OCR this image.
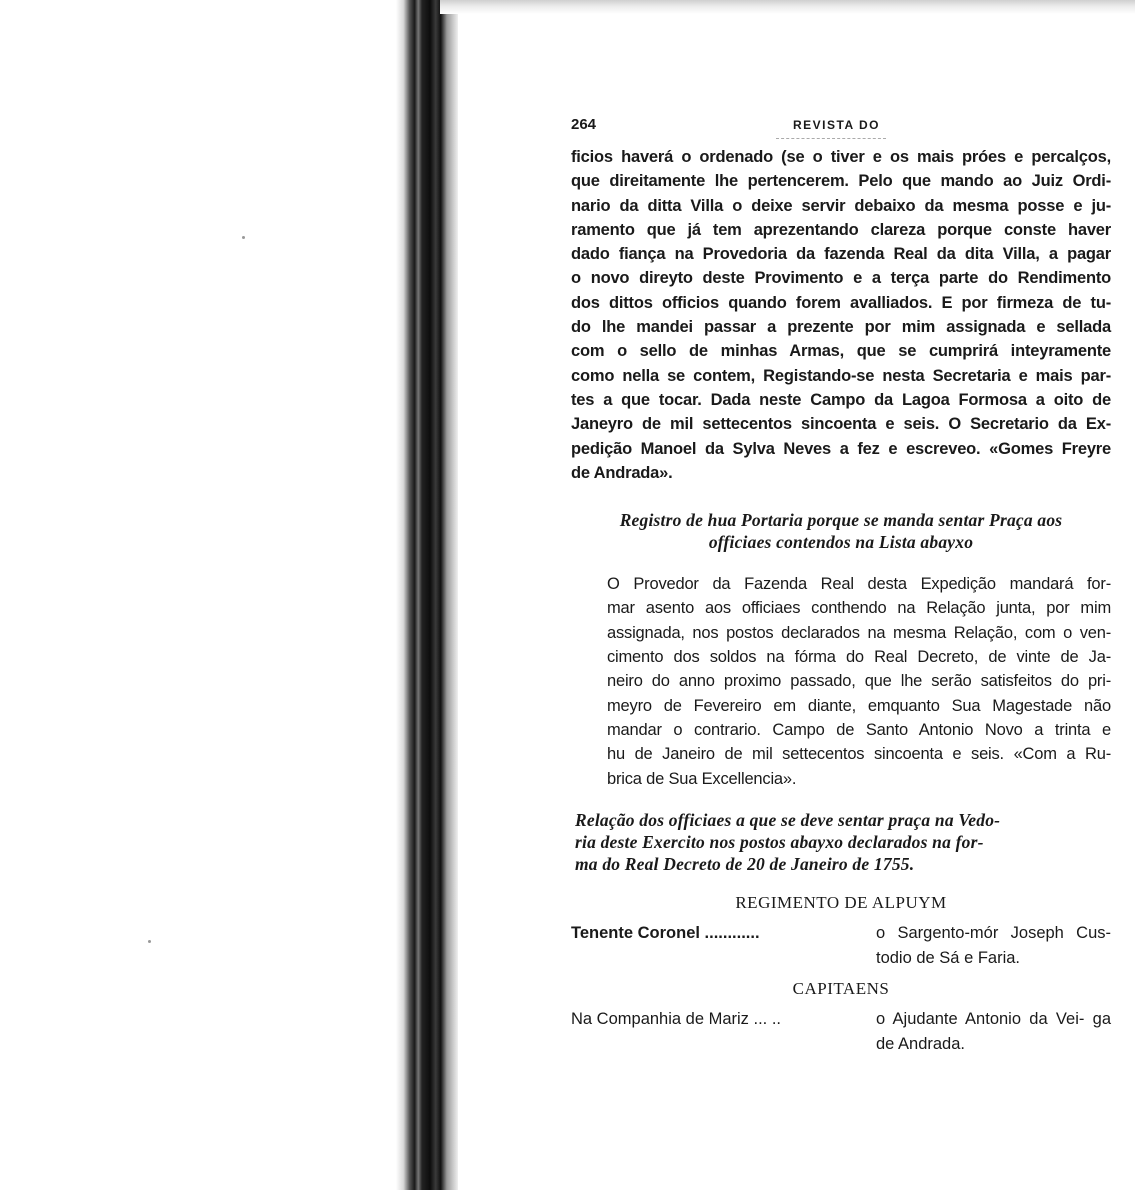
264	REVISTA DO
ficios haverá o ordenado (se o tiver e os mais próes e percalços,
que direitamente lhe pertencerem. Pelo que mando ao Juiz Ordi-
nario da ditta Villa o deixe servir debaixo da mesma posse e ju-
ramento que já tem aprezentando clareza porque conste haver
dado fiança na Provedoria da fazenda Real da dita Villa, a pagar
o novo direyto deste Provimento e a terça parte do Rendimento
dos dittos officios quando forem avalliados. E por firmeza de tu-
do lhe mandei passar a prezente por mim assignada e sellada
com o sello de minhas Armas, que se cumprirá inteyramente
como nella se contem, Registando-se nesta Secretaria e mais par-
tes a que tocar. Dada neste Campo da Lagoa Formosa a oito de
Janeyro de mil settecentos sincoenta e seis. O Secretario da Ex-
pedição Manoel da Sylva Neves a fez e escreveo. «Gomes Freyre
de Andrada».
Registro de hua Portaria porque se manda sentar Praça aos
officiaes contendos na Lista abayxo
O Provedor da Fazenda Real desta Expedição mandará for-
mar asento aos officiaes conthendo na Relação junta, por mim
assignada, nos postos declarados na mesma Relação, com o ven-
cimento dos soldos na fórma do Real Decreto, de vinte de Ja-
neiro do anno proximo passado, que lhe serão satisfeitos do pri-
meyro de Fevereiro em diante, emquanto Sua Magestade não
mandar o contrario. Campo de Santo Antonio Novo a trinta e
hu de Janeiro de mil settecentos sincoenta e seis. «Com a Ru-
brica de Sua Excellencia».
Relação dos officiaes a que se deve sentar praça na Vedo-
ria deste Exercito nos postos abayxo declarados na for-
ma do Real Decreto de 20 de Janeiro de 1755.
REGIMENTO DE ALPUYM
Tenente Coronel ............	o Sargento-mór Joseph Cus- todio de Sá e Faria.
CAPITAENS
Na Companhia de Mariz ... ..	o Ajudante Antonio da Vei- ga de Andrada.
